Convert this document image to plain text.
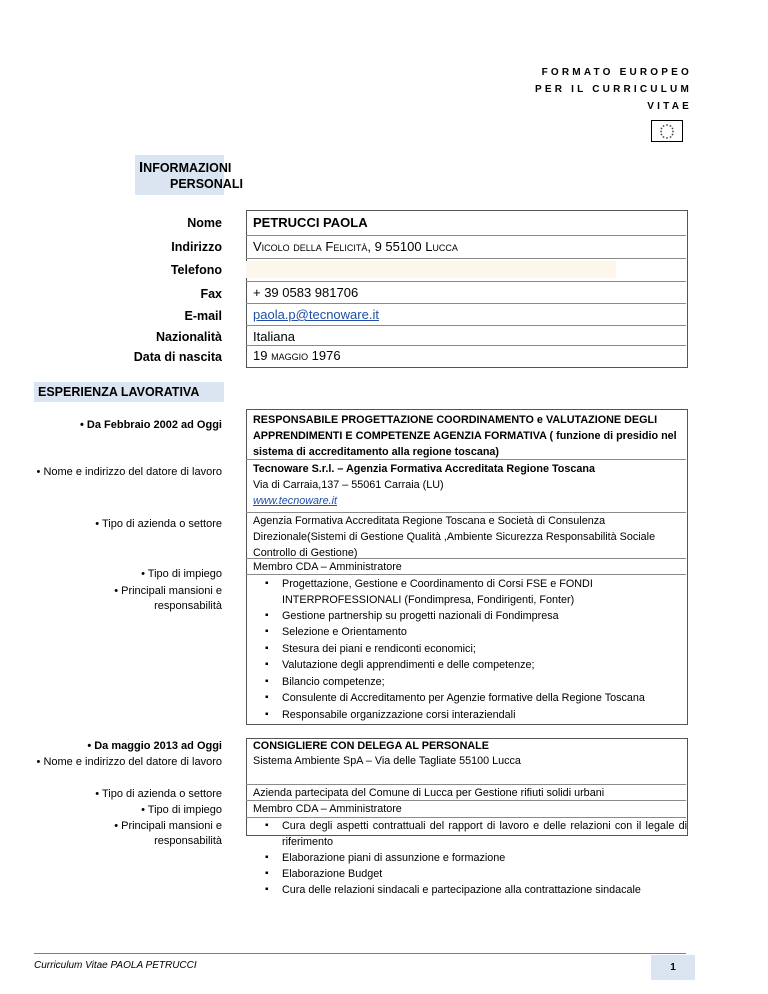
FORMATO EUROPEO
PER IL CURRICULUM
VITAE
INFORMAZIONI
PERSONALI
Nome
Indirizzo
Telefono
Fax
E-mail
Nazionalità
Data di nascita
PETRUCCI PAOLA
Vicolo della Felicità, 9 55100 Lucca
+ 39 0583 981706
paola.p@tecnoware.it
Italiana
19 maggio 1976
ESPERIENZA LAVORATIVA
• Da Febbraio 2002 ad Oggi
• Nome e indirizzo del datore di lavoro
• Tipo di azienda o settore
• Tipo di impiego
• Principali mansioni e responsabilità
RESPONSABILE PROGETTAZIONE COORDINAMENTO e VALUTAZIONE DEGLI APPRENDIMENTI E COMPETENZE AGENZIA FORMATIVA ( funzione di presidio nel sistema di accreditamento alla regione toscana)
Tecnoware S.r.l. – Agenzia Formativa Accreditata Regione Toscana
Via di Carraia,137 – 55061 Carraia (LU)
www.tecnoware.it
Agenzia Formativa Accreditata Regione Toscana e Società di Consulenza Direzionale(Sistemi di Gestione Qualità ,Ambiente Sicurezza Responsabilità Sociale Controllo di Gestione)
Membro CDA – Amministratore
▪ Progettazione, Gestione e Coordinamento di Corsi FSE e FONDI INTERPROFESSIONALI (Fondimpresa, Fondirigenti, Fonter)
▪ Gestione partnership su progetti nazionali di Fondimpresa
▪ Selezione e Orientamento
▪ Stesura dei piani e rendiconti economici;
▪ Valutazione degli apprendimenti e delle competenze;
▪ Bilancio competenze;
▪ Consulente di Accreditamento per Agenzie formative della Regione Toscana
▪ Responsabile organizzazione corsi interaziendali
• Da maggio 2013 ad Oggi
• Nome e indirizzo del datore di lavoro
• Tipo di azienda o settore
• Tipo di impiego
• Principali mansioni e responsabilità
CONSIGLIERE CON DELEGA AL PERSONALE
Sistema Ambiente SpA – Via delle Tagliate 55100 Lucca
Azienda partecipata del Comune di Lucca per Gestione rifiuti solidi urbani
Membro CDA – Amministratore
▪ Cura degli aspetti contrattuali del rapport di lavoro e delle relazioni con il legale di riferimento
▪ Elaborazione piani di assunzione e formazione
▪ Elaborazione Budget
▪ Cura delle relazioni sindacali e partecipazione alla contrattazione sindacale
Curriculum Vitae PAOLA PETRUCCI	1
